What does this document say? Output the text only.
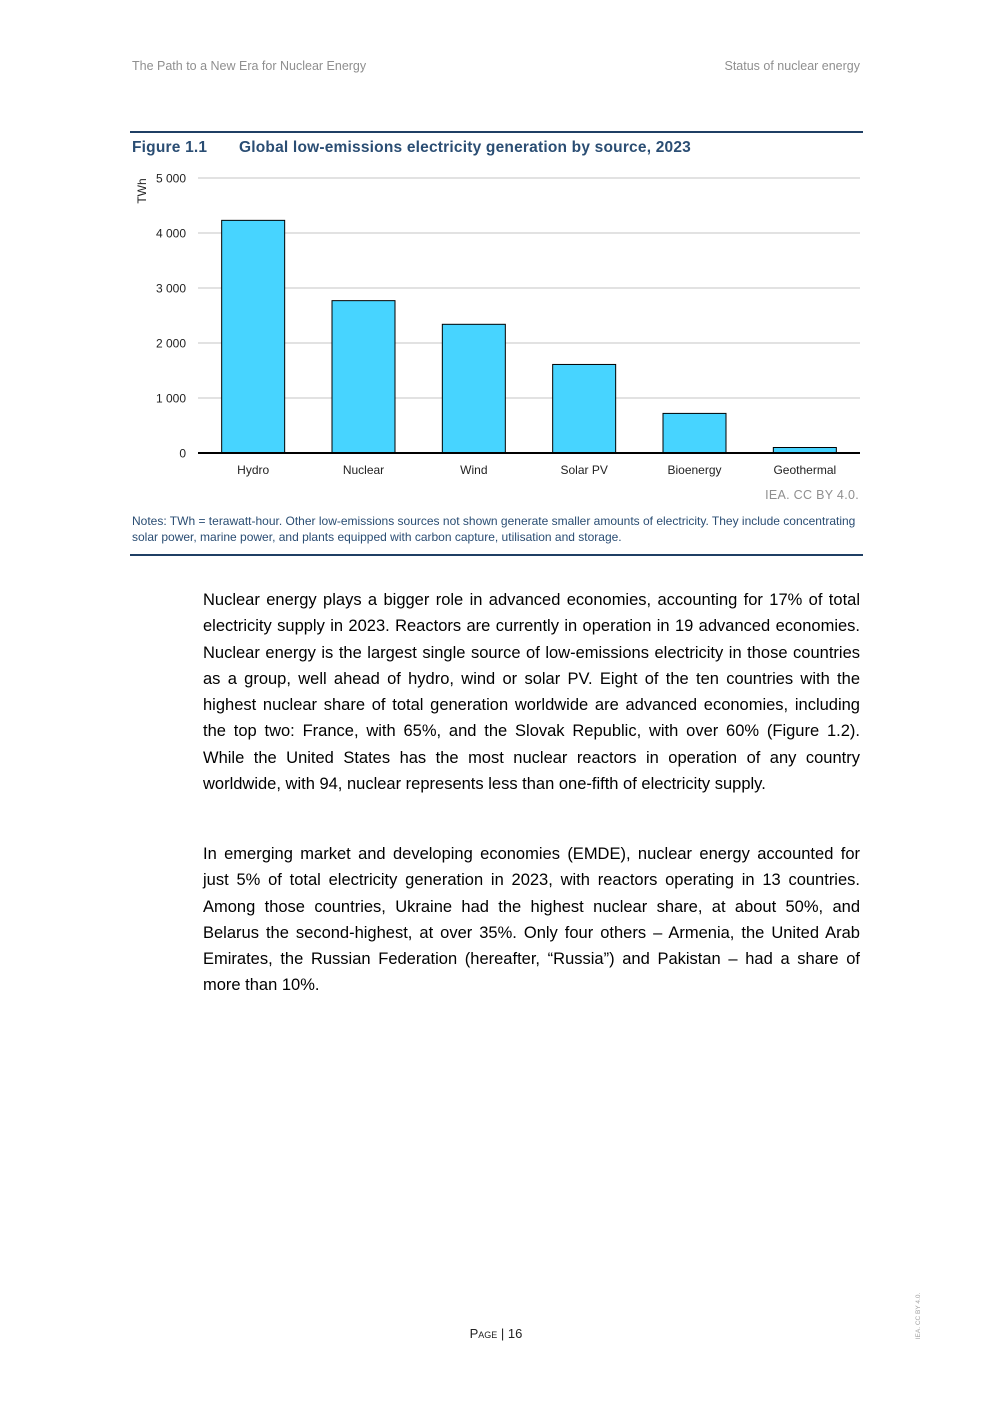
The Path to a New Era for Nuclear Energy	Status of nuclear energy
Figure 1.1 Global low-emissions electricity generation by source, 2023
0
1 000
2 000
3 000
4 000
5 000
TWh
Hydro	Nuclear	Wind	Solar PV	Bioenergy	Geothermal
IEA. CC BY 4.0.
Notes: TWh = terawatt-hour. Other low-emissions sources not shown generate smaller amounts of electricity. They include concentrating solar power, marine power, and plants equipped with carbon capture, utilisation and storage.
Nuclear energy plays a bigger role in advanced economies, accounting for 17% of total electricity supply in 2023. Reactors are currently in operation in 19 advanced economies. Nuclear energy is the largest single source of low-emissions electricity in those countries as a group, well ahead of hydro, wind or solar PV. Eight of the ten countries with the highest nuclear share of total generation worldwide are advanced economies, including the top two: France, with 65%, and the Slovak Republic, with over 60% (Figure 1.2). While the United States has the most nuclear reactors in operation of any country worldwide, with 94, nuclear represents less than one-fifth of electricity supply.
In emerging market and developing economies (EMDE), nuclear energy accounted for just 5% of total electricity generation in 2023, with reactors operating in 13 countries. Among those countries, Ukraine had the highest nuclear share, at about 50%, and Belarus the second-highest, at over 35%. Only four others – Armenia, the United Arab Emirates, the Russian Federation (hereafter, “Russia”) and Pakistan – had a share of more than 10%.
Page | 16	IEA. CC BY 4.0.
